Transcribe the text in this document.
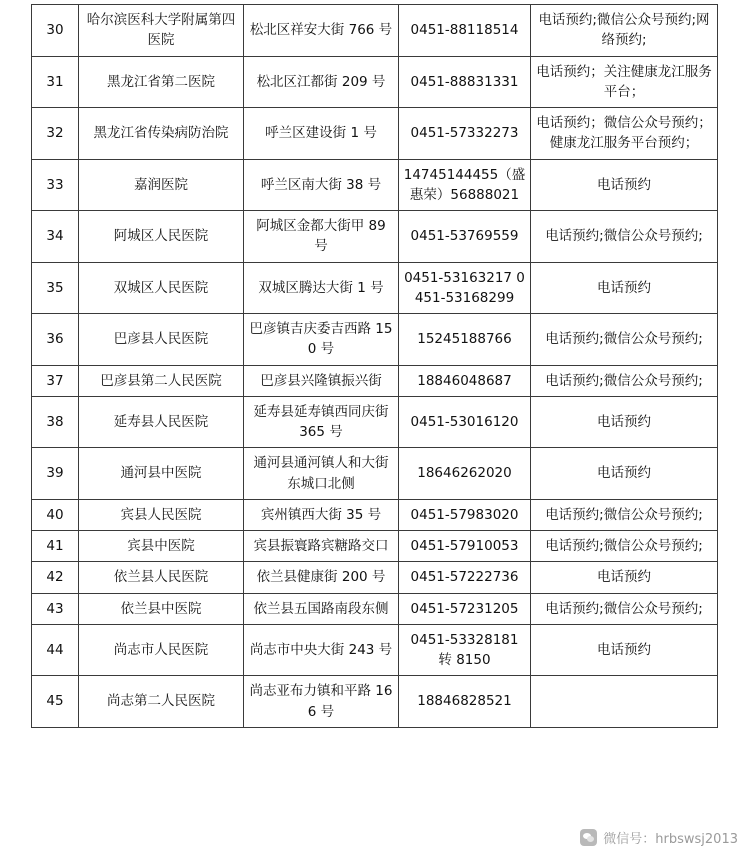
30	哈尔滨医科大学附属第四医院	松北区祥安大街 766 号	0451-88118514	电话预约;微信公众号预约;网络预约;
31	黑龙江省第二医院	松北区江都街 209 号	0451-88831331	电话预约；关注健康龙江服务平台；
32	黑龙江省传染病防治院	呼兰区建设街 1 号	0451-57332273	电话预约；微信公众号预约；健康龙江服务平台预约；
33	嘉润医院	呼兰区南大街 38 号	14745144455（盛惠荣）56888021	电话预约
34	阿城区人民医院	阿城区金都大街甲 89 号	0451-53769559	电话预约;微信公众号预约;
35	双城区人民医院	双城区腾达大街 1 号	0451-53163217 0451-53168299	电话预约
36	巴彦县人民医院	巴彦镇吉庆委吉西路 150 号	15245188766	电话预约;微信公众号预约;
37	巴彦县第二人民医院	巴彦县兴隆镇振兴街	18846048687	电话预约;微信公众号预约;
38	延寿县人民医院	延寿县延寿镇西同庆街 365 号	0451-53016120	电话预约
39	通河县中医院	通河县通河镇人和大街东城口北侧	18646262020	电话预约
40	宾县人民医院	宾州镇西大街 35 号	0451-57983020	电话预约;微信公众号预约;
41	宾县中医院	宾县振寰路宾糖路交口	0451-57910053	电话预约;微信公众号预约;
42	依兰县人民医院	依兰县健康街 200 号	0451-57222736	电话预约
43	依兰县中医院	依兰县五国路南段东侧	0451-57231205	电话预约;微信公众号预约;
44	尚志市人民医院	尚志市中央大街 243 号	0451-53328181 转 8150	电话预约
45	尚志第二人民医院	尚志亚布力镇和平路 166 号	18846828521	
微信号：hrbswsj2013
